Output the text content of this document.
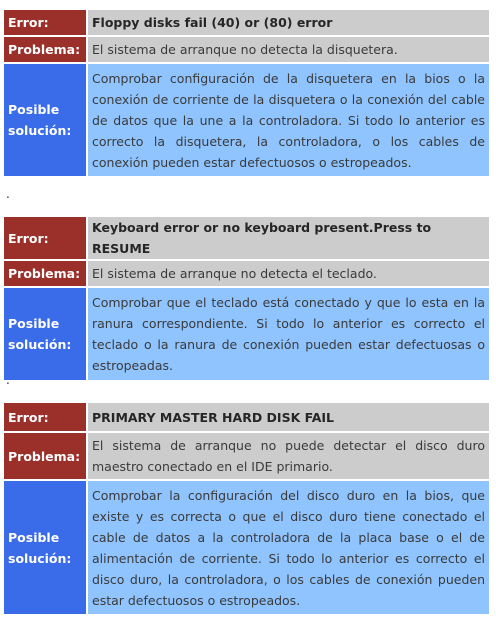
Error:	Floppy disks fail (40) or (80) error
Problema:	El sistema de arranque no detecta la disquetera.
Posible solución:	Comprobar configuración de la disquetera en la bios o la conexión de corriente de la disquetera o la conexión del cable de datos que la une a la controladora. Si todo lo anterior es correcto la disquetera, la controladora, o los cables de conexión pueden estar defectuosos o estropeados.
.
Error:	Keyboard error or no keyboard present.Press to RESUME
Problema:	El sistema de arranque no detecta el teclado.
Posible solución:	Comprobar que el teclado está conectado y que lo esta en la ranura correspondiente. Si todo lo anterior es correcto el teclado o la ranura de conexión pueden estar defectuosas o estropeadas.
.
Error:	PRIMARY MASTER HARD DISK FAIL
Problema:	El sistema de arranque no puede detectar el disco duro maestro conectado en el IDE primario.
Posible solución:	Comprobar la configuración del disco duro en la bios, que existe y es correcta o que el disco duro tiene conectado el cable de datos a la controladora de la placa base o el de alimentación de corriente. Si todo lo anterior es correcto el disco duro, la controladora, o los cables de conexión pueden estar defectuosos o estropeados.
